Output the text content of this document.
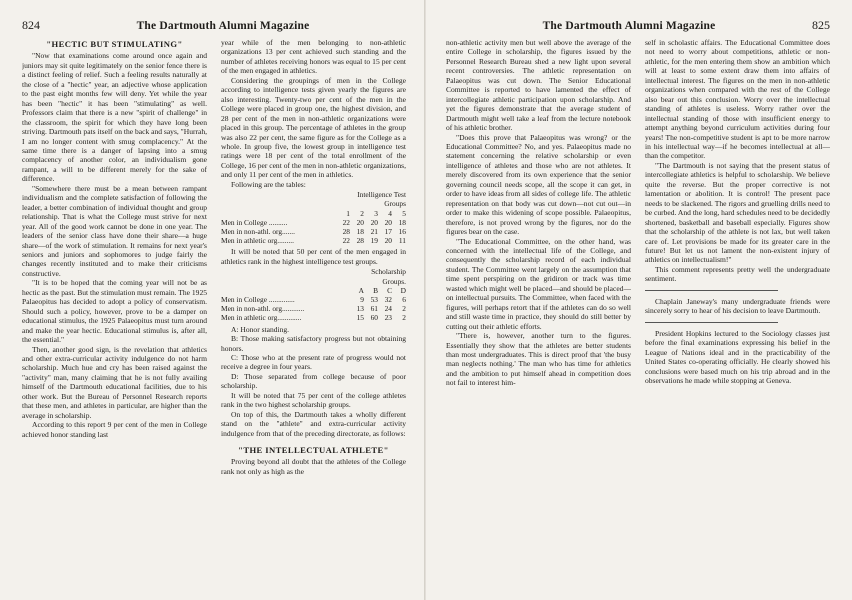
824	The Dartmouth Alumni Magazine
"HECTIC BUT STIMULATING"

"Now that examinations come around once again and juniors may sit quite legitimately on the senior fence there is a distinct feeling of relief. Such a feeling results naturally at the close of a "hectic" year, an adjective whose application to the past eight months few will deny. Yet while the year has been "hectic" it has been "stimulating" as well. Professors claim that there is a new "spirit of challenge" in the classroom, the spirit for which they have long been striving. Dartmouth pats itself on the back and says, "Hurrah, I am no longer content with smug complacency." At the same time there is a danger of lapsing into a smug complacency of another color, an individualism gone rampant, a will to be different merely for the sake of difference.

"Somewhere there must be a mean between rampant individualism and the complete satisfaction of following the leader, a better combination of individual thought and group relationship. That is what the College must strive for next year. All of the good work cannot be done in one year. The leaders of the senior class have done their share—a huge share—of the work of stimulation. It remains for next year's seniors and juniors and sophomores to judge fairly the changes recently instituted and to make their criticisms constructive.

"It is to be hoped that the coming year will not be as hectic as the past. But the stimulation must remain. The 1925 Palaeopitus has decided to adopt a policy of conservatism. Should such a policy, however, prove to be a damper on educational stimulus, the 1925 Palaeopitus must turn around and make the year hectic. Educational stimulus is, after all, the essential."

Then, another good sign, is the revelation that athletics and other extra-curricular activity indulgence do not harm scholarship. Much hue and cry has been raised against the "activity" man, many claiming that he is not fully availing himself of the Dartmouth educational facilities, due to his other work. But the Bureau of Personnel Research reports that these men, and athletes in particular, are higher than the average in scholarship.

According to this report 9 per cent of the men in College achieved honor standing last

year while of the men belonging to non-athletic organizations 13 per cent achieved such standing and the number of athletes receiving honors was equal to 15 per cent of the men engaged in athletics.

Considering the groupings of men in the College according to intelligence tests given yearly the figures are also interesting. Twenty-two per cent of the men in the College were placed in group one, the highest division, and 28 per cent of the men in non-athletic organizations were placed in this group. The percentage of athletes in the group was also 22 per cent, the same figure as for the College as a whole. In group five, the lowest group in intelligence test ratings were 18 per cent of the total enrollment of the College, 16 per cent of the men in non-athletic organizations, and only 11 per cent of the men in athletics.

Following are the tables:

	Intelligence Test Groups				
	1	2	3	4	5
Men in College ..........	22	20	20	20	18
Men in non-athl. org.......	28	18	21	17	16
Men in athletic org.........	22	28	19	20	11

It will be noted that 50 per cent of the men engaged in athletics rank in the highest intelligence test groups.

	Scholarship Groups.			
	A	B	C	D
Men in College ..............	9	53	32	6
Men in non-athl. org............	13	61	24	2
Men in athletic org.............	15	60	23	2

A: Honor standing.

B: Those making satisfactory progress but not obtaining honors.

C: Those who at the present rate of progress would not receive a degree in four years.

D: Those separated from college because of poor scholarship.

It will be noted that 75 per cent of the college athletes rank in the two highest scholarship groups.

On top of this, the Dartmouth takes a wholly different stand on the "athlete" and extra-curricular activity indulgence from that of the preceding directorate, as follows:

"THE INTELLECTUAL ATHLETE"

Proving beyond all doubt that the athletes of the College rank not only as high as the

The Dartmouth Alumni Magazine	825

non-athletic activity men but well above the average of the entire College in scholarship, the figures issued by the Personnel Research Bureau shed a new light upon several recent controversies. The athletic representation on Palaeopitus was cut down. The Senior Educational Committee is reported to have lamented the effect of intercollegiate athletic participation upon scholarship. And yet the figures demonstrate that the average student of Dartmouth might well take a leaf from the lecture notebook of his athletic brother.

"Does this prove that Palaeopitus was wrong? or the Educational Committee? No, and yes. Palaeopitus made no statement concerning the relative scholarship or even intelligence of athletes and those who are not athletes. It merely discovered from its own experience that the senior governing council needs scope, all the scope it can get, in order to have ideas from all sides of college life. The athletic representation on that body was cut down—not cut out—in order to make this widening of scope possible. Palaeopitus, therefore, is not proved wrong by the figures, nor do the figures bear on the case.

"The Educational Committee, on the other hand, was concerned with the intellectual life of the College, and consequently the scholarship record of each individual student. The Committee went largely on the assumption that time spent perspiring on the gridiron or track was time wasted which might well be placed—and should be placed—on intellectual pursuits. The Committee, when faced with the figures, will perhaps retort that if the athletes can do so well and still waste time in practice, they should do still better by cutting out their athletic efforts.

"There is, however, another turn to the figures. Essentially they show that the athletes are better students than most undergraduates. This is direct proof that 'the busy man neglects nothing.' The man who has time for athletics and the ambition to put himself ahead in competition does not fail to interest him-

self in scholastic affairs. The Educational Committee does not need to worry about competitions, athletic or non-athletic, for the men entering them show an ambition which will at least to some extent draw them into affairs of intellectual interest. The figures on the men in non-athletic organizations when compared with the rest of the College also bear out this conclusion. Worry over the intellectual standing of athletes is useless. Worry rather over the intellectual standing of those with insufficient energy to attempt anything beyond curriculum activities during four years! The non-competitive student is apt to be more narrow in his intellectual way—if he becomes intellectual at all—than the competitor.

"The Dartmouth is not saying that the present status of intercollegiate athletics is helpful to scholarship. We believe quite the reverse. But the proper corrective is not lamentation or abolition. It is control! The present pace needs to be slackened. The rigors and gruelling drills need to be curbed. And the long, hard schedules need to be decidedly shortened, basketball and baseball especially. Figures show that the scholarship of the athlete is not lax, but well taken care of. Let provisions be made for its greater care in the future! But let us not lament the non-existent injury of athletics on intellectualism!"

This comment represents pretty well the undergraduate sentiment.

Chaplain Janeway's many undergraduate friends were sincerely sorry to hear of his decision to leave Dartmouth.

President Hopkins lectured to the Sociology classes just before the final examinations expressing his belief in the League of Nations ideal and in the practicability of the United States co-operating officially. He clearly showed his conclusions were based much on his trip abroad and in the observations he made while stopping at Geneva.
